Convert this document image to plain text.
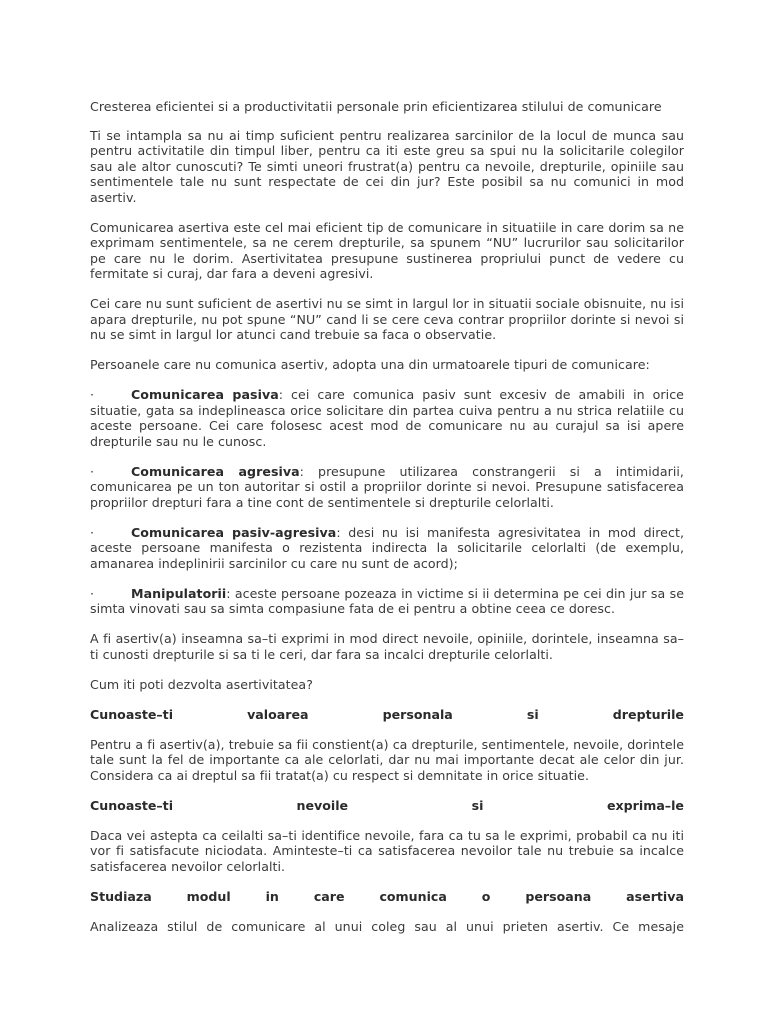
Cresterea eficientei si a productivitatii personale prin eficientizarea stilului de comunicare

Ti se intampla sa nu ai timp suficient pentru realizarea sarcinilor de la locul de munca sau pentru activitatile din timpul liber, pentru ca iti este greu sa spui nu la solicitarile colegilor sau ale altor cunoscuti? Te simti uneori frustrat(a) pentru ca nevoile, drepturile, opiniile sau sentimentele tale nu sunt respectate de cei din jur? Este posibil sa nu comunici in mod asertiv.

Comunicarea asertiva este cel mai eficient tip de comunicare in situatiile in care dorim sa ne exprimam sentimentele, sa ne cerem drepturile, sa spunem “NU” lucrurilor sau solicitarilor pe care nu le dorim. Asertivitatea presupune sustinerea propriului punct de vedere cu fermitate si curaj, dar fara a deveni agresivi.

Cei care nu sunt suficient de asertivi nu se simt in largul lor in situatii sociale obisnuite, nu isi apara drepturile, nu pot spune “NU” cand li se cere ceva contrar propriilor dorinte si nevoi si nu se simt in largul lor atunci cand trebuie sa faca o observatie.

Persoanele care nu comunica asertiv, adopta una din urmatoarele tipuri de comunicare:

·	Comunicarea pasiva: cei care comunica pasiv sunt excesiv de amabili in orice situatie, gata sa indeplineasca orice solicitare din partea cuiva pentru a nu strica relatiile cu aceste persoane. Cei care folosesc acest mod de comunicare nu au curajul sa isi apere drepturile sau nu le cunosc.

·	Comunicarea agresiva: presupune utilizarea constrangerii si a intimidarii, comunicarea pe un ton autoritar si ostil a propriilor dorinte si nevoi. Presupune satisfacerea propriilor drepturi fara a tine cont de sentimentele si drepturile celorlalti.

·	Comunicarea pasiv-agresiva: desi nu isi manifesta agresivitatea in mod direct, aceste persoane manifesta o rezistenta indirecta la solicitarile celorlalti (de exemplu, amanarea indeplinirii sarcinilor cu care nu sunt de acord);

·	Manipulatorii: aceste persoane pozeaza in victime si ii determina pe cei din jur sa se simta vinovati sau sa simta compasiune fata de ei pentru a obtine ceea ce doresc.

A fi asertiv(a) inseamna sa–ti exprimi in mod direct nevoile, opiniile, dorintele, inseamna sa–ti cunosti drepturile si sa ti le ceri, dar fara sa incalci drepturile celorlalti.

Cum iti poti dezvolta asertivitatea?

Cunoaste–ti	valoarea	personala	si	drepturile

Pentru a fi asertiv(a), trebuie sa fii constient(a) ca drepturile, sentimentele, nevoile, dorintele tale sunt la fel de importante ca ale celorlati, dar nu mai importante decat ale celor din jur. Considera ca ai dreptul sa fii tratat(a) cu respect si demnitate in orice situatie.

Cunoaste–ti	nevoile	si	exprima–le

Daca vei astepta ca ceilalti sa–ti identifice nevoile, fara ca tu sa le exprimi, probabil ca nu iti vor fi satisfacute niciodata. Aminteste–ti ca satisfacerea nevoilor tale nu trebuie sa incalce satisfacerea nevoilor celorlalti.

Studiaza	modul	in	care	comunica	o	persoana	asertiva

Analizeaza stilul de comunicare al unui coleg sau al unui prieten asertiv. Ce mesaje
